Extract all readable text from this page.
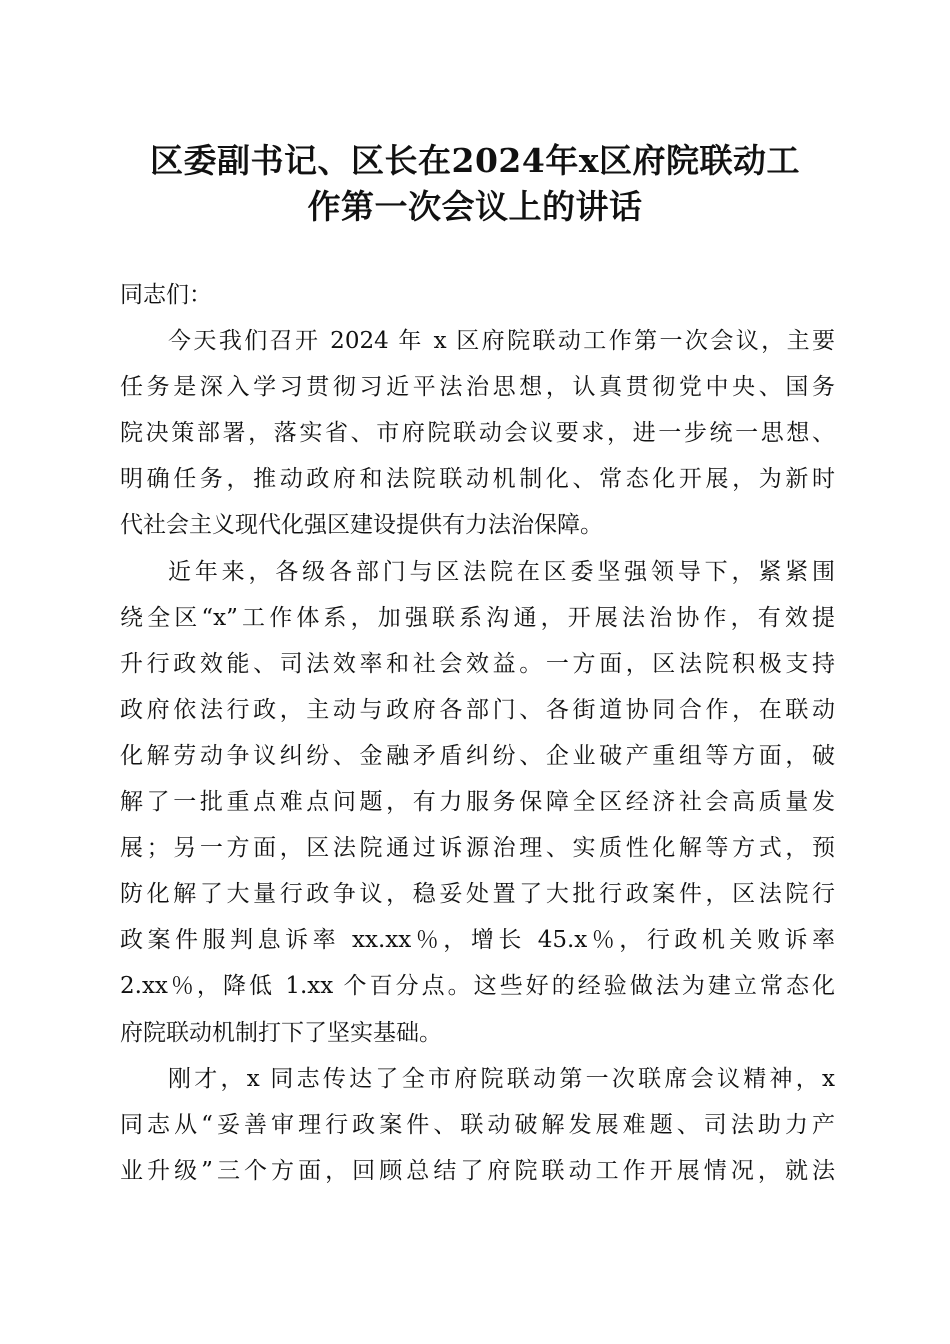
区委副书记、区长在2024年x区府院联动工
作第一次会议上的讲话
同志们：
今天我们召开 2024 年 x 区府院联动工作第一次会议，主要
任务是深入学习贯彻习近平法治思想，认真贯彻党中央、国务
院决策部署，落实省、市府院联动会议要求，进一步统一思想、
明确任务，推动政府和法院联动机制化、常态化开展，为新时
代社会主义现代化强区建设提供有力法治保障。
近年来，各级各部门与区法院在区委坚强领导下，紧紧围
绕全区“x”工作体系，加强联系沟通，开展法治协作，有效提
升行政效能、司法效率和社会效益。一方面，区法院积极支持
政府依法行政，主动与政府各部门、各街道协同合作，在联动
化解劳动争议纠纷、金融矛盾纠纷、企业破产重组等方面，破
解了一批重点难点问题，有力服务保障全区经济社会高质量发
展；另一方面，区法院通过诉源治理、实质性化解等方式，预
防化解了大量行政争议，稳妥处置了大批行政案件，区法院行
政案件服判息诉率 xx.xx％，增长 45.x％，行政机关败诉率
2.xx％，降低 1.xx 个百分点。这些好的经验做法为建立常态化
府院联动机制打下了坚实基础。
刚才，x 同志传达了全市府院联动第一次联席会议精神，x
同志从“妥善审理行政案件、联动破解发展难题、司法助力产
业升级”三个方面，回顾总结了府院联动工作开展情况，就法
